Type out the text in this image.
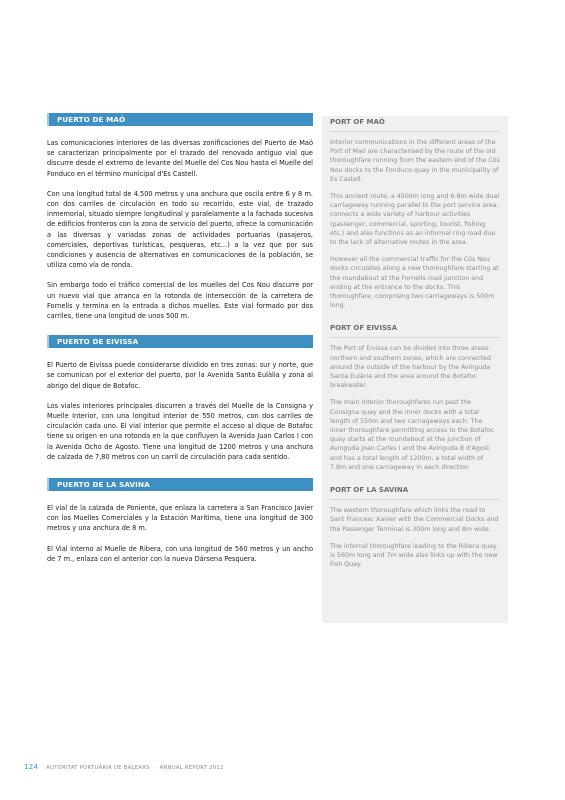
PUERTO DE MAÓ

Las comunicaciones interiores de las diversas zonificaciones del Puerto de Maó se caracterizan principalmente por el trazado del renovado antiguo vial que discurre desde el extremo de levante del Muelle del Cos Nou hasta el Muelle del Fonduco en el término municipal d'Es Castell.

Con una longitud total de 4.500 metros y una anchura que oscila entre 6 y 8 m. con dos carriles de circulación en todo su recorrido, este vial, de trazado inmemorial, situado siempre longitudinal y paralelamente a la fachada sucesiva de edificios fronteros con la zona de servicio del puerto, ofrece la comunicación a las diversas y variadas zonas de actividades portuarias (pasajeros, comerciales, deportivas turísticas, pesqueras, etc...) a la vez que por sus condiciones y ausencia de alternativas en comunicaciones de la población, se utiliza como vía de ronda.

Sin embargo todo el tráfico comercial de los muelles del Cos Nou discurre por un nuevo vial que arranca en la rotonda de intersección de la carretera de Fornells y termina en la entrada a dichos muelles. Este vial formado por dos carriles, tiene una longitud de unos 500 m.

PUERTO DE EIVISSA

El Puerto de Eivissa puede considerarse dividido en tres zonas: sur y norte, que se comunican por el exterior del puerto, por la Avenida Santa Eulàlia y zona al abrigo del dique de Botafoc.

Los viales interiores principales discurren a través del Muelle de la Consigna y Muelle Interior, con una longitud interior de 550 metros, con dos carriles de circulación cada uno. El vial interior que permite el acceso al dique de Botafoc tiene su origen en una rotonda en la que confluyen la Avenida Juan Carlos I con la Avenida Ocho de Agosto. Tiene una longitud de 1200 metros y una anchura de calzada de 7,80 metros con un carril de circulación para cada sentido.

PUERTO DE LA SAVINA

El vial de la calzada de Poniente, que enlaza la carretera a San Francisco Javier con los Muelles Comerciales y la Estación Marítima, tiene una longitud de 300 metros y una anchura de 8 m.

El Vial interno al Muelle de Ribera, con una longitud de 560 metros y un ancho de 7 m., enlaza con el anterior con la nueva Dársena Pesquera.

PORT OF MAÓ

Interior communications in the different areas of the Port of Maó are characterised by the route of the old thoroughfare running from the eastern end of the Cós Nou docks to the Fonduco quay in the municipality of Es Castell.

This ancient route, a 4500m long and 6-8m wide dual carriageway running parallel to the port service area, connects a wide variety of harbour activities (passenger, commercial, sporting, tourist, fishing etc.) and also functions as an informal ring road due to the lack of alternative routes in the area.

However all the commercial traffic for the Cós Nou docks circulates along a new thoroughfare starting at the roundabout at the Fornells road junction and ending at the entrance to the docks. This thoroughfare, comprising two carriageways is 500m long.

PORT OF EIVISSA

The Port of Eivissa can be divided into three areas: northern and southern zones, which are connected around the outside of the harbour by the Avinguda Santa Eulària and the area around the Botafoc breakwater.

The main interior thoroughfares run past the Consigna quay and the inner docks with a total length of 550m and two carriageways each. The inner thoroughfare permitting access to the Botafoc quay starts at the roundabout at the junction of Avinguda Joan Carles I and the Avinguda 8 d'Agost and has a total length of 1200m, a total width of 7.8m and one carriageway in each direction

PORT OF LA SAVINA

The western thoroughfare which links the road to Sant Francesc Xavier with the Commercial Docks and the Passenger Terminal is 300m long and 8m wide.

The internal thoroughfare leading to the Ribera quay is 560m long and 7m wide also links up with the new Fish Quay.

124 AUTORITAT PORTUÀRIA DE BALEARS · ANNUAL REPORT 2012
